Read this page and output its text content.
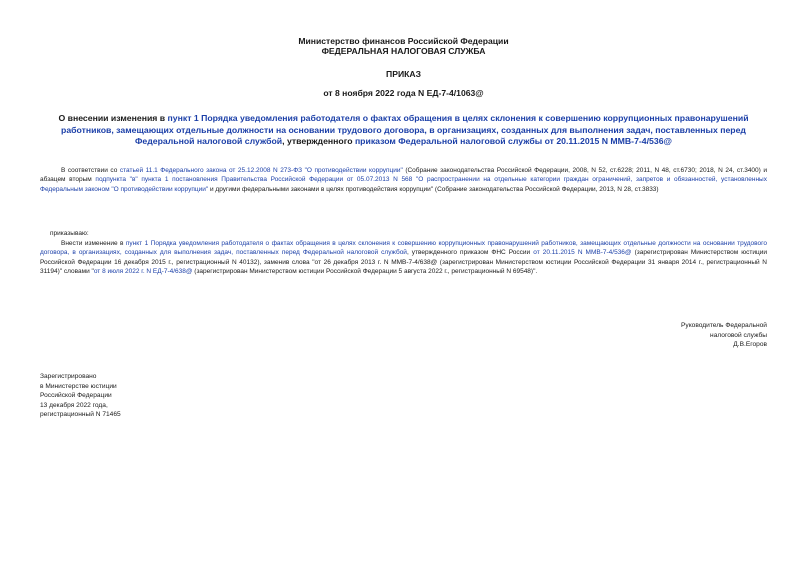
Министерство финансов Российской Федерации
ФЕДЕРАЛЬНАЯ НАЛОГОВАЯ СЛУЖБА
ПРИКАЗ
от 8 ноября 2022 года N ЕД-7-4/1063@
О внесении изменения в пункт 1 Порядка уведомления работодателя о фактах обращения в целях склонения к совершению коррупционных правонарушений работников, замещающих отдельные должности на основании трудового договора, в организациях, созданных для выполнения задач, поставленных перед Федеральной налоговой службой, утвержденного приказом Федеральной налоговой службы от 20.11.2015 N ММВ-7-4/536@
В соответствии со статьей 11.1 Федерального закона от 25.12.2008 N 273-ФЗ "О противодействии коррупции" (Собрание законодательства Российской Федерации, 2008, N 52, ст.6228; 2011, N 48, ст.6730; 2018, N 24, ст.3400) и абзацем вторым подпункта "в" пункта 1 постановления Правительства Российской Федерации от 05.07.2013 N 568 "О распространении на отдельные категории граждан ограничений, запретов и обязанностей, установленных Федеральным законом "О противодействии коррупции" и другими федеральными законами в целях противодействия коррупции" (Собрание законодательства Российской Федерации, 2013, N 28, ст.3833)
приказываю:
Внести изменение в пункт 1 Порядка уведомления работодателя о фактах обращения в целях склонения к совершению коррупционных правонарушений работников, замещающих отдельные должности на основании трудового договора, в организациях, созданных для выполнения задач, поставленных перед Федеральной налоговой службой, утвержденного приказом ФНС России от 20.11.2015 N ММВ-7-4/536@ (зарегистрирован Министерством юстиции Российской Федерации 16 декабря 2015 г., регистрационный N 40132), заменив слова "от 26 декабря 2013 г. N ММВ-7-4/638@ (зарегистрирован Министерством юстиции Российской Федерации 31 января 2014 г., регистрационный N 31194)" словами "от 8 июля 2022 г. N ЕД-7-4/638@ (зарегистрирован Министерством юстиции Российской Федерации 5 августа 2022 г., регистрационный N 69548)".
Руководитель Федеральной
налоговой службы
Д.В.Егоров
Зарегистрировано
в Министерстве юстиции
Российской Федерации
13 декабря 2022 года,
регистрационный N 71465
